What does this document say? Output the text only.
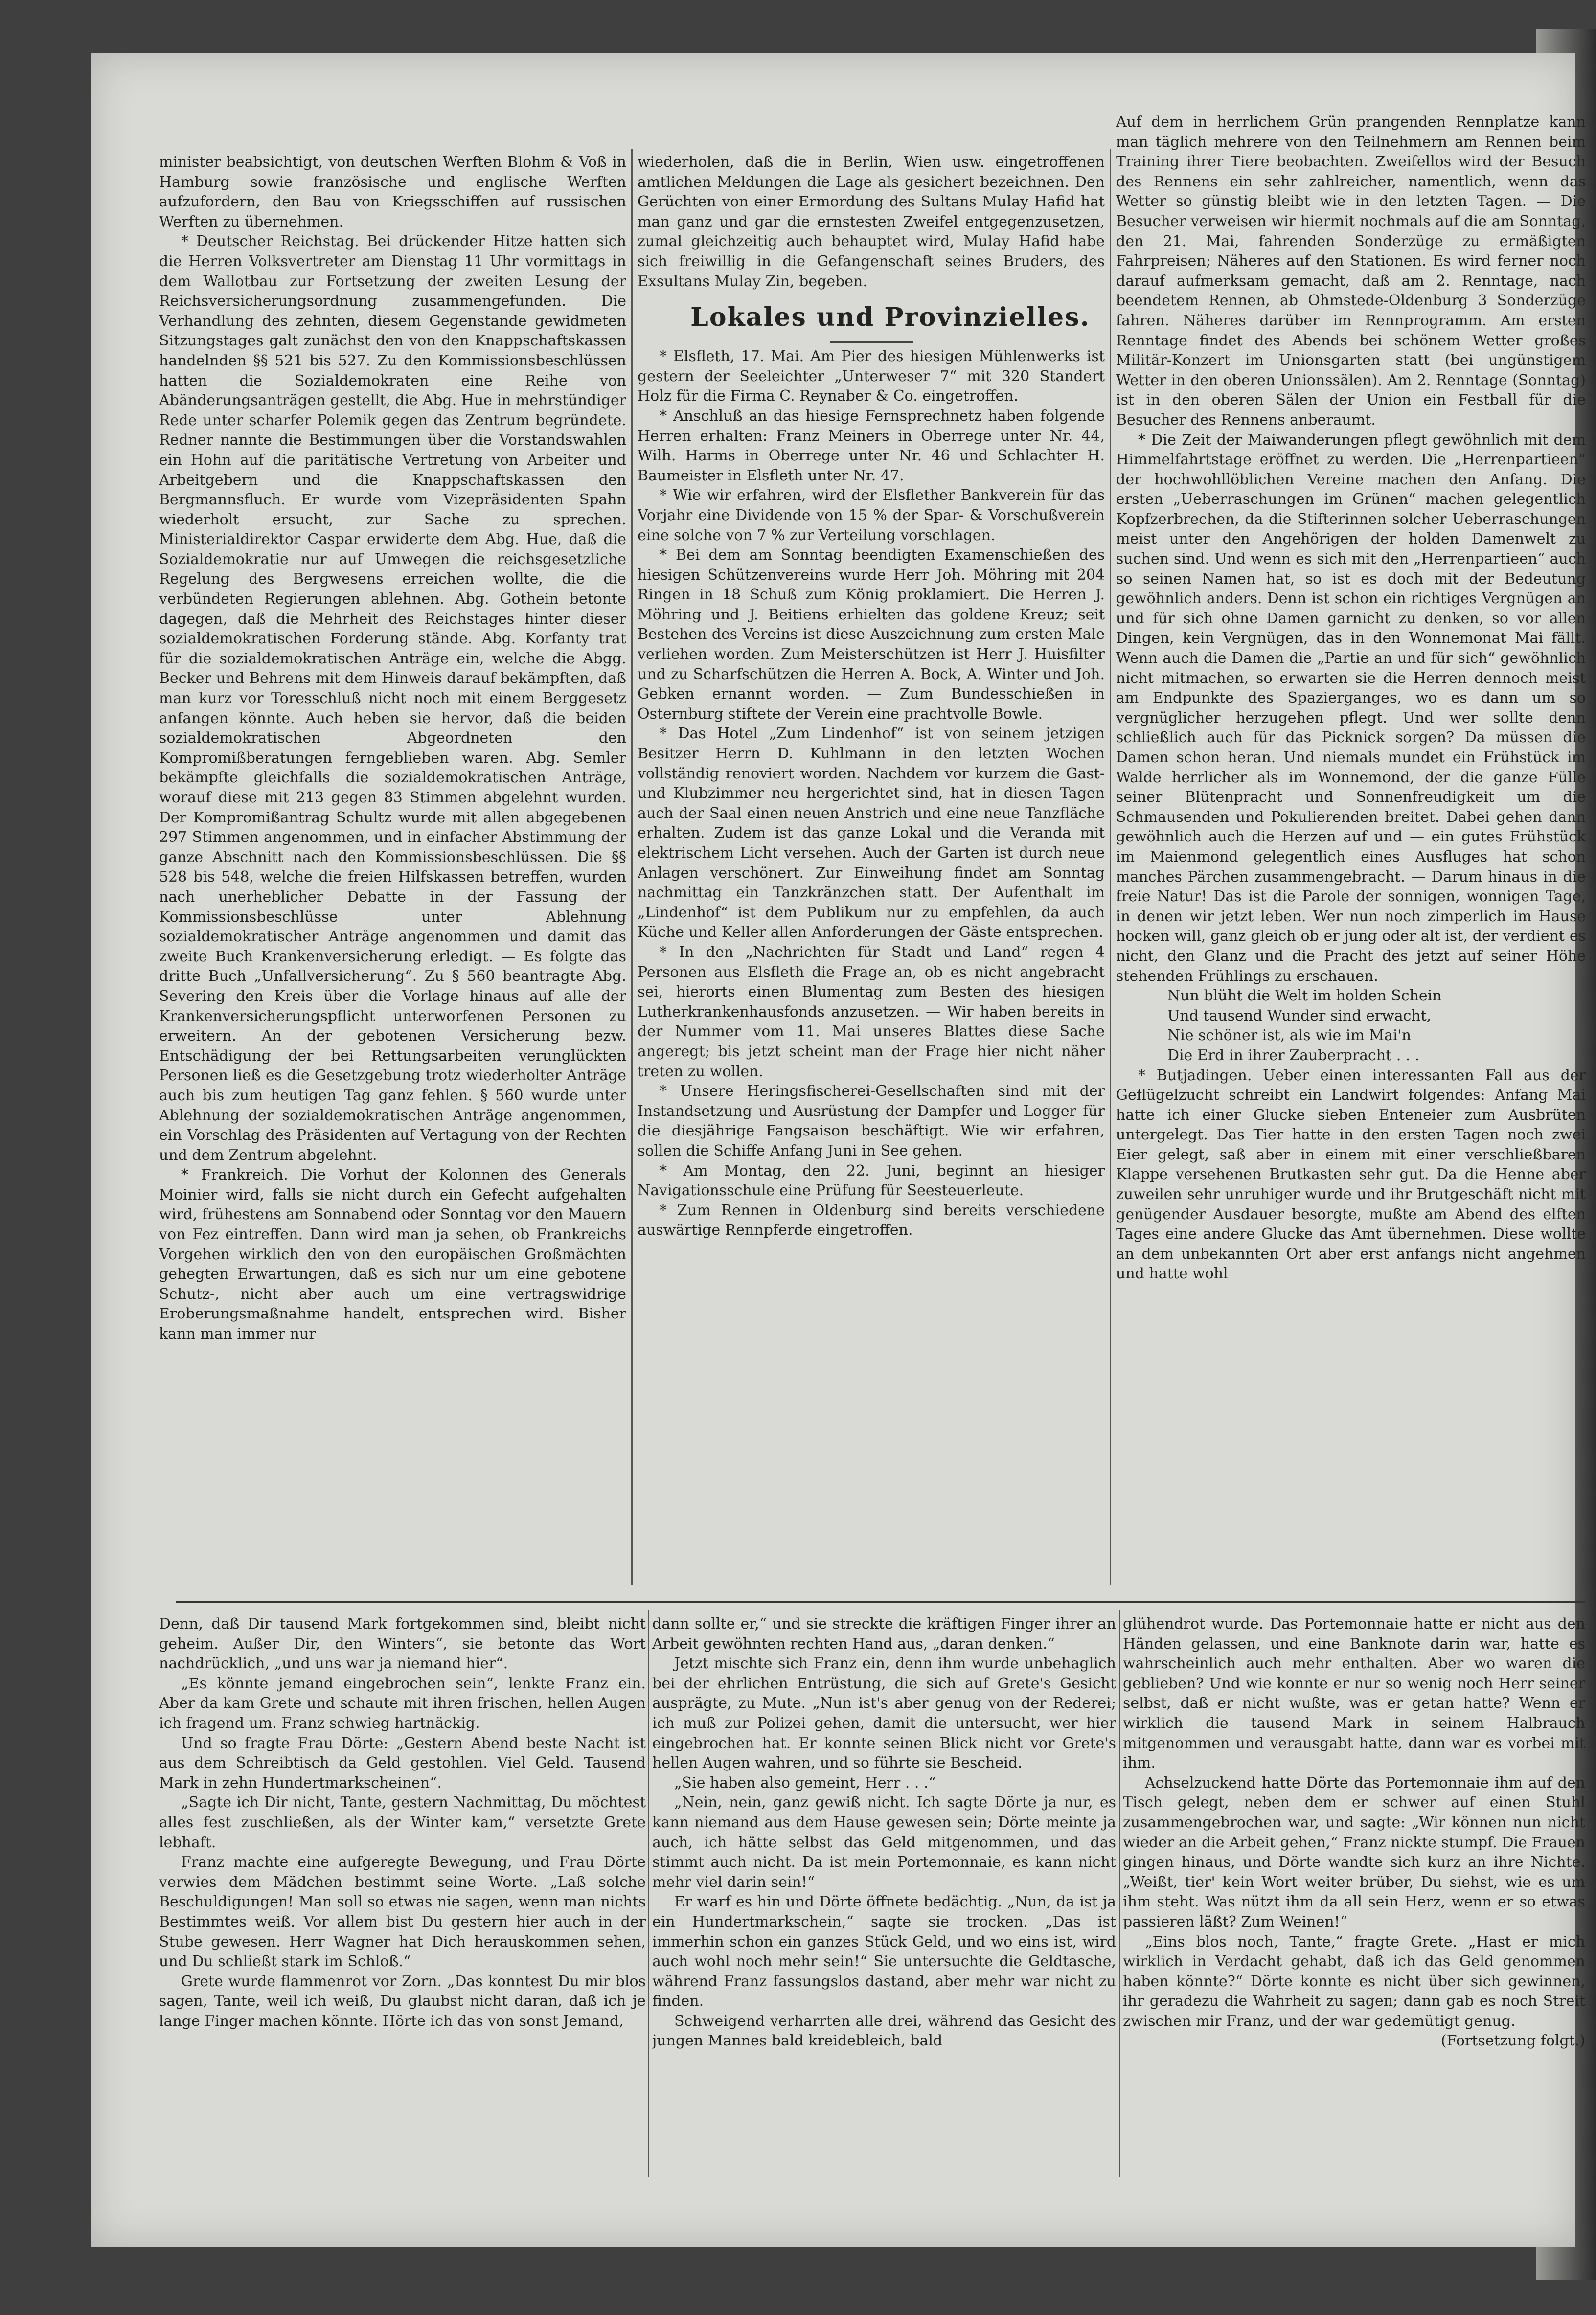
minister beabsichtigt, von deutschen Werften Blohm & Voß in Hamburg sowie französische und englische Werften aufzufordern, den Bau von Kriegsschiffen auf russischen Werften zu übernehmen.

* Deutscher Reichstag. Bei drückender Hitze hatten sich die Herren Volksvertreter am Dienstag 11 Uhr vormittags in dem Wallotbau zur Fortsetzung der zweiten Lesung der Reichsversicherungsordnung zusammengefunden. Die Verhandlung des zehnten, diesem Gegenstande gewidmeten Sitzungstages galt zunächst den von den Knappschaftskassen handelnden §§ 521 bis 527. Zu den Kommissionsbeschlüssen hatten die Sozialdemokraten eine Reihe von Abänderungsanträgen gestellt, die Abg. Hue in mehrstündiger Rede unter scharfer Polemik gegen das Zentrum begründete. Redner nannte die Bestimmungen über die Vorstandswahlen ein Hohn auf die paritätische Vertretung von Arbeiter und Arbeitgebern und die Knappschaftskassen den Bergmannsfluch. Er wurde vom Vizepräsidenten Spahn wiederholt ersucht, zur Sache zu sprechen. Ministerialdirektor Caspar erwiderte dem Abg. Hue, daß die Sozialdemokratie nur auf Umwegen die reichsgesetzliche Regelung des Bergwesens erreichen wollte, die die verbündeten Regierungen ablehnen. Abg. Gothein betonte dagegen, daß die Mehrheit des Reichstages hinter dieser sozialdemokratischen Forderung stände. Abg. Korfanty trat für die sozialdemokratischen Anträge ein, welche die Abgg. Becker und Behrens mit dem Hinweis darauf bekämpften, daß man kurz vor Toresschluß nicht noch mit einem Berggesetz anfangen könnte. Auch heben sie hervor, daß die beiden sozialdemokratischen Abgeordneten den Kompromißberatungen ferngeblieben waren. Abg. Semler bekämpfte gleichfalls die sozialdemokratischen Anträge, worauf diese mit 213 gegen 83 Stimmen abgelehnt wurden. Der Kompromißantrag Schultz wurde mit allen abgegebenen 297 Stimmen angenommen, und in einfacher Abstimmung der ganze Abschnitt nach den Kommissionsbeschlüssen. Die §§ 528 bis 548, welche die freien Hilfskassen betreffen, wurden nach unerheblicher Debatte in der Fassung der Kommissionsbeschlüsse unter Ablehnung sozialdemokratischer Anträge angenommen und damit das zweite Buch Krankenversicherung erledigt. — Es folgte das dritte Buch „Unfallversicherung“. Zu § 560 beantragte Abg. Severing den Kreis über die Vorlage hinaus auf alle der Krankenversicherungspflicht unterworfenen Personen zu erweitern. An der gebotenen Versicherung bezw. Entschädigung der bei Rettungsarbeiten verunglückten Personen ließ es die Gesetzgebung trotz wiederholter Anträge auch bis zum heutigen Tag ganz fehlen. § 560 wurde unter Ablehnung der sozialdemokratischen Anträge angenommen, ein Vorschlag des Präsidenten auf Vertagung von der Rechten und dem Zentrum abgelehnt.

* Frankreich. Die Vorhut der Kolonnen des Generals Moinier wird, falls sie nicht durch ein Gefecht aufgehalten wird, frühestens am Sonnabend oder Sonntag vor den Mauern von Fez eintreffen. Dann wird man ja sehen, ob Frankreichs Vorgehen wirklich den von den europäischen Großmächten gehegten Erwartungen, daß es sich nur um eine gebotene Schutz-, nicht aber auch um eine vertragswidrige Eroberungsmaßnahme handelt, entsprechen wird. Bisher kann man immer nur

wiederholen, daß die in Berlin, Wien usw. eingetroffenen amtlichen Meldungen die Lage als gesichert bezeichnen. Den Gerüchten von einer Ermordung des Sultans Mulay Hafid hat man ganz und gar die ernstesten Zweifel entgegenzusetzen, zumal gleichzeitig auch behauptet wird, Mulay Hafid habe sich freiwillig in die Gefangenschaft seines Bruders, des Exsultans Mulay Zin, begeben.

Lokales und Provinzielles.

* Elsfleth, 17. Mai. Am Pier des hiesigen Mühlenwerks ist gestern der Seeleichter „Unterweser 7“ mit 320 Standert Holz für die Firma C. Reynaber & Co. eingetroffen.

* Anschluß an das hiesige Fernsprechnetz haben folgende Herren erhalten: Franz Meiners in Oberrege unter Nr. 44, Wilh. Harms in Oberrege unter Nr. 46 und Schlachter H. Baumeister in Elsfleth unter Nr. 47.

* Wie wir erfahren, wird der Elsflether Bankverein für das Vorjahr eine Dividende von 15 % der Spar- & Vorschußverein eine solche von 7 % zur Verteilung vorschlagen.

* Bei dem am Sonntag beendigten Examenschießen des hiesigen Schützenvereins wurde Herr Joh. Möhring mit 204 Ringen in 18 Schuß zum König proklamiert. Die Herren J. Möhring und J. Beitiens erhielten das goldene Kreuz; seit Bestehen des Vereins ist diese Auszeichnung zum ersten Male verliehen worden. Zum Meisterschützen ist Herr J. Huisfilter und zu Scharfschützen die Herren A. Bock, A. Winter und Joh. Gebken ernannt worden. — Zum Bundesschießen in Osternburg stiftete der Verein eine prachtvolle Bowle.

* Das Hotel „Zum Lindenhof“ ist von seinem jetzigen Besitzer Herrn D. Kuhlmann in den letzten Wochen vollständig renoviert worden. Nachdem vor kurzem die Gast- und Klubzimmer neu hergerichtet sind, hat in diesen Tagen auch der Saal einen neuen Anstrich und eine neue Tanzfläche erhalten. Zudem ist das ganze Lokal und die Veranda mit elektrischem Licht versehen. Auch der Garten ist durch neue Anlagen verschönert. Zur Einweihung findet am Sonntag nachmittag ein Tanzkränzchen statt. Der Aufenthalt im „Lindenhof“ ist dem Publikum nur zu empfehlen, da auch Küche und Keller allen Anforderungen der Gäste entsprechen.

* In den „Nachrichten für Stadt und Land“ regen 4 Personen aus Elsfleth die Frage an, ob es nicht angebracht sei, hierorts einen Blumentag zum Besten des hiesigen Lutherkrankenhausfonds anzusetzen. — Wir haben bereits in der Nummer vom 11. Mai unseres Blattes diese Sache angeregt; bis jetzt scheint man der Frage hier nicht näher treten zu wollen.

* Unsere Heringsfischerei-Gesellschaften sind mit der Instandsetzung und Ausrüstung der Dampfer und Logger für die diesjährige Fangsaison beschäftigt. Wie wir erfahren, sollen die Schiffe Anfang Juni in See gehen.

* Am Montag, den 22. Juni, beginnt an hiesiger Navigationsschule eine Prüfung für Seesteuerleute.

* Zum Rennen in Oldenburg sind bereits verschiedene auswärtige Rennpferde eingetroffen.

Auf dem in herrlichem Grün prangenden Rennplatze kann man täglich mehrere von den Teilnehmern am Rennen beim Training ihrer Tiere beobachten. Zweifellos wird der Besuch des Rennens ein sehr zahlreicher, namentlich, wenn das Wetter so günstig bleibt wie in den letzten Tagen. — Die Besucher verweisen wir hiermit nochmals auf die am Sonntag, den 21. Mai, fahrenden Sonderzüge zu ermäßigten Fahrpreisen; Näheres auf den Stationen. Es wird ferner noch darauf aufmerksam gemacht, daß am 2. Renntage, nach beendetem Rennen, ab Ohmstede-Oldenburg 3 Sonderzüge fahren. Näheres darüber im Rennprogramm. Am ersten Renntage findet des Abends bei schönem Wetter großes Militär-Konzert im Unionsgarten statt (bei ungünstigem Wetter in den oberen Unionssälen). Am 2. Renntage (Sonntag) ist in den oberen Sälen der Union ein Festball für die Besucher des Rennens anberaumt.

* Die Zeit der Maiwanderungen pflegt gewöhnlich mit dem Himmelfahrtstage eröffnet zu werden. Die „Herrenpartieen“ der hochwohllöblichen Vereine machen den Anfang. Die ersten „Ueberraschungen im Grünen“ machen gelegentlich Kopfzerbrechen, da die Stifterinnen solcher Ueberraschungen meist unter den Angehörigen der holden Damenwelt zu suchen sind. Und wenn es sich mit den „Herrenpartieen“ auch so seinen Namen hat, so ist es doch mit der Bedeutung gewöhnlich anders. Denn ist schon ein richtiges Vergnügen an und für sich ohne Damen garnicht zu denken, so vor allen Dingen, kein Vergnügen, das in den Wonnemonat Mai fällt. Wenn auch die Damen die „Partie an und für sich“ gewöhnlich nicht mitmachen, so erwarten sie die Herren dennoch meist am Endpunkte des Spazierganges, wo es dann um so vergnüglicher herzugehen pflegt. Und wer sollte denn schließlich auch für das Picknick sorgen? Da müssen die Damen schon heran. Und niemals mundet ein Frühstück im Walde herrlicher als im Wonnemond, der die ganze Fülle seiner Blütenpracht und Sonnenfreudigkeit um die Schmausenden und Pokulierenden breitet. Dabei gehen dann gewöhnlich auch die Herzen auf und — ein gutes Frühstück im Maienmond gelegentlich eines Ausfluges hat schon manches Pärchen zusammengebracht. — Darum hinaus in die freie Natur! Das ist die Parole der sonnigen, wonnigen Tage, in denen wir jetzt leben. Wer nun noch zimperlich im Hause hocken will, ganz gleich ob er jung oder alt ist, der verdient es nicht, den Glanz und die Pracht des jetzt auf seiner Höhe stehenden Frühlings zu erschauen.

Nun blüht die Welt im holden Schein

Und tausend Wunder sind erwacht,

Nie schöner ist, als wie im Mai'n

Die Erd in ihrer Zauberpracht . . .

* Butjadingen. Ueber einen interessanten Fall aus der Geflügelzucht schreibt ein Landwirt folgendes: Anfang Mai hatte ich einer Glucke sieben Enteneier zum Ausbrüten untergelegt. Das Tier hatte in den ersten Tagen noch zwei Eier gelegt, saß aber in einem mit einer verschließbaren Klappe versehenen Brutkasten sehr gut. Da die Henne aber zuweilen sehr unruhiger wurde und ihr Brutgeschäft nicht mit genügender Ausdauer besorgte, mußte am Abend des elften Tages eine andere Glucke das Amt übernehmen. Diese wollte an dem unbekannten Ort aber erst anfangs nicht angehmen und hatte wohl

Denn, daß Dir tausend Mark fortgekommen sind, bleibt nicht geheim. Außer Dir, den Winters“, sie betonte das Wort nachdrücklich, „und uns war ja niemand hier“.

„Es könnte jemand eingebrochen sein“, lenkte Franz ein. Aber da kam Grete und schaute mit ihren frischen, hellen Augen ich fragend um. Franz schwieg hartnäckig.

Und so fragte Frau Dörte: „Gestern Abend beste Nacht ist aus dem Schreibtisch da Geld gestohlen. Viel Geld. Tausend Mark in zehn Hundertmarkscheinen“.

„Sagte ich Dir nicht, Tante, gestern Nachmittag, Du möchtest alles fest zuschließen, als der Winter kam,“ versetzte Grete lebhaft.

Franz machte eine aufgeregte Bewegung, und Frau Dörte verwies dem Mädchen bestimmt seine Worte. „Laß solche Beschuldigungen! Man soll so etwas nie sagen, wenn man nichts Bestimmtes weiß. Vor allem bist Du gestern hier auch in der Stube gewesen. Herr Wagner hat Dich herauskommen sehen, und Du schließt stark im Schloß.“

Grete wurde flammenrot vor Zorn. „Das konntest Du mir blos sagen, Tante, weil ich weiß, Du glaubst nicht daran, daß ich je lange Finger machen könnte. Hörte ich das von sonst Jemand,

dann sollte er,“ und sie streckte die kräftigen Finger ihrer an Arbeit gewöhnten rechten Hand aus, „daran denken.“

Jetzt mischte sich Franz ein, denn ihm wurde unbehaglich bei der ehrlichen Entrüstung, die sich auf Grete's Gesicht ausprägte, zu Mute. „Nun ist's aber genug von der Rederei; ich muß zur Polizei gehen, damit die untersucht, wer hier eingebrochen hat. Er konnte seinen Blick nicht vor Grete's hellen Augen wahren, und so führte sie Bescheid.

„Sie haben also gemeint, Herr . . .“

„Nein, nein, ganz gewiß nicht. Ich sagte Dörte ja nur, es kann niemand aus dem Hause gewesen sein; Dörte meinte ja auch, ich hätte selbst das Geld mitgenommen, und das stimmt auch nicht. Da ist mein Portemonnaie, es kann nicht mehr viel darin sein!“

Er warf es hin und Dörte öffnete bedächtig. „Nun, da ist ja ein Hundertmarkschein,“ sagte sie trocken. „Das ist immerhin schon ein ganzes Stück Geld, und wo eins ist, wird auch wohl noch mehr sein!“ Sie untersuchte die Geldtasche, während Franz fassungslos dastand, aber mehr war nicht zu finden.

Schweigend verharrten alle drei, während das Gesicht des jungen Mannes bald kreidebleich, bald

glühendrot wurde. Das Portemonnaie hatte er nicht aus den Händen gelassen, und eine Banknote darin war, hatte es wahrscheinlich auch mehr enthalten. Aber wo waren die geblieben? Und wie konnte er nur so wenig noch Herr seiner selbst, daß er nicht wußte, was er getan hatte? Wenn er wirklich die tausend Mark in seinem Halbrauch mitgenommen und verausgabt hatte, dann war es vorbei mit ihm.

Achselzuckend hatte Dörte das Portemonnaie ihm auf den Tisch gelegt, neben dem er schwer auf einen Stuhl zusammengebrochen war, und sagte: „Wir können nun nicht wieder an die Arbeit gehen,“ Franz nickte stumpf. Die Frauen gingen hinaus, und Dörte wandte sich kurz an ihre Nichte. „Weißt, tier' kein Wort weiter brüber, Du siehst, wie es um ihm steht. Was nützt ihm da all sein Herz, wenn er so etwas passieren läßt? Zum Weinen!“

„Eins blos noch, Tante,“ fragte Grete. „Hast er mich wirklich in Verdacht gehabt, daß ich das Geld genommen haben könnte?“ Dörte konnte es nicht über sich gewinnen, ihr geradezu die Wahrheit zu sagen; dann gab es noch Streit zwischen mir Franz, und der war gedemütigt genug.

(Fortsetzung folgt.)
